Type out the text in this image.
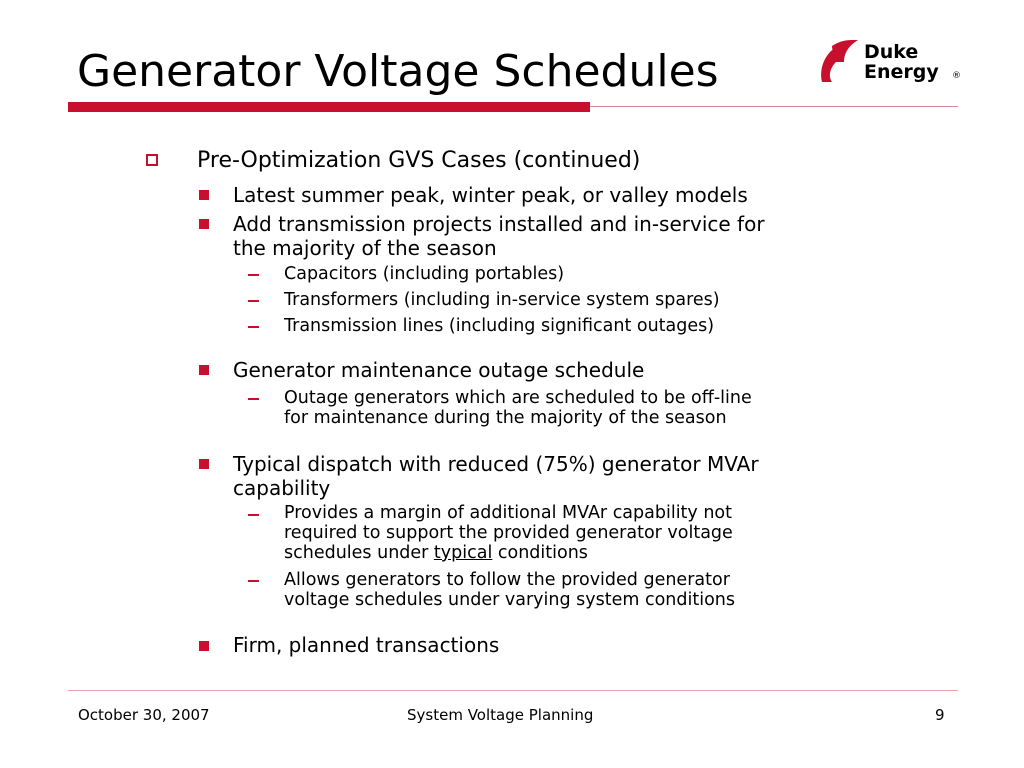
Generator Voltage Schedules	Duke
Energy ®
Pre-Optimization GVS Cases (continued)
Latest summer peak, winter peak, or valley models
Add transmission projects installed and in-service for
the majority of the season
Capacitors (including portables)
Transformers (including in-service system spares)
Transmission lines (including significant outages)
Generator maintenance outage schedule
Outage generators which are scheduled to be off-line
for maintenance during the majority of the season
Typical dispatch with reduced (75%) generator MVAr
capability
Provides a margin of additional MVAr capability not
required to support the provided generator voltage
schedules under typical conditions
Allows generators to follow the provided generator
voltage schedules under varying system conditions
Firm, planned transactions
October 30, 2007	System Voltage Planning	9
